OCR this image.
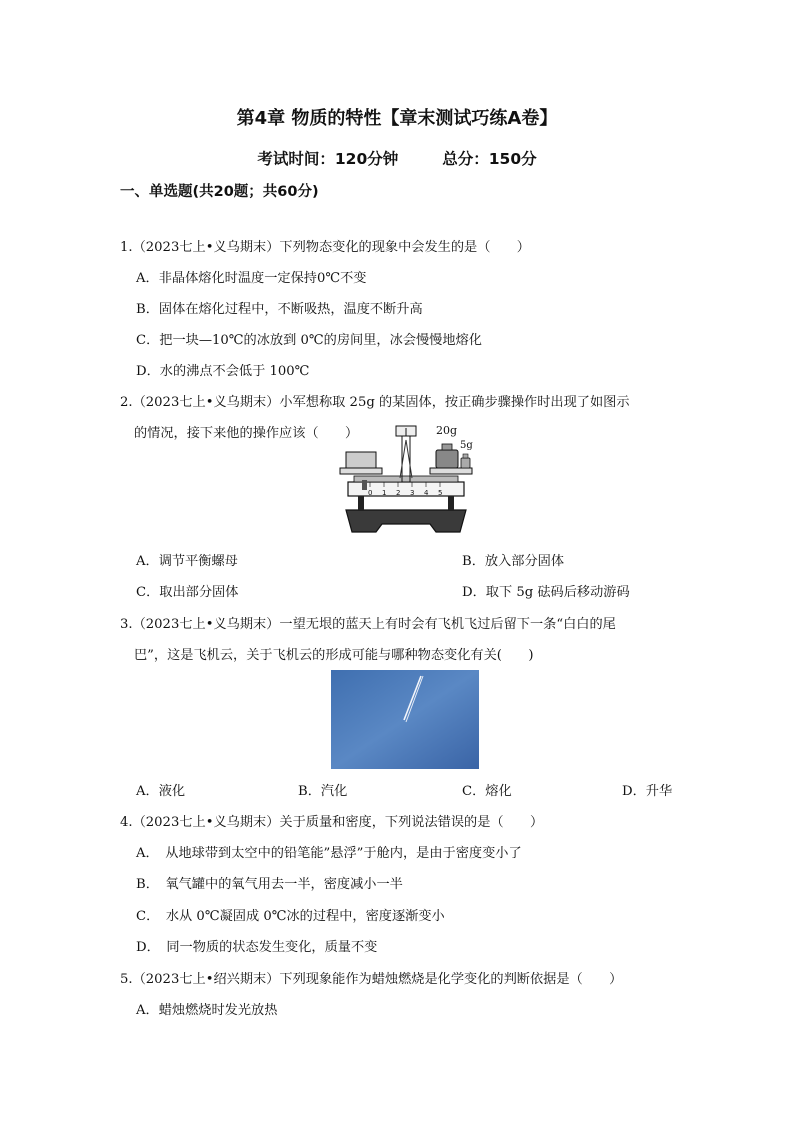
第4章 物质的特性【章末测试巧练A卷】
考试时间：120分钟	总分：150分
一、单选题(共20题；共60分)
1.（2023七上•义乌期末）下列物态变化的现象中会发生的是（　　）
A．非晶体熔化时温度一定保持0℃不变
B．固体在熔化过程中，不断吸热，温度不断升高
C．把一块—10℃的冰放到 0℃的房间里，冰会慢慢地熔化
D．水的沸点不会低于 100℃
2.（2023七上•义乌期末）小军想称取 25g 的某固体，按正确步骤操作时出现了如图示
的情况，接下来他的操作应该（　　）
0 1 2 3 4 5
20g
5g
A．调节平衡螺母	B．放入部分固体
C．取出部分固体	D．取下 5g 砝码后移动游码
3.（2023七上•义乌期末）一望无垠的蓝天上有时会有飞机飞过后留下一条“白白的尾
巴”，这是飞机云，关于飞机云的形成可能与哪种物态变化有关(　　)
A．液化	B．汽化	C．熔化	D．升华
4.（2023七上•义乌期末）关于质量和密度，下列说法错误的是（　　）
A．　从地球带到太空中的铅笔能”悬浮”于舱内，是由于密度变小了
B．　氧气罐中的氧气用去一半，密度减小一半
C．　水从 0℃凝固成 0℃冰的过程中，密度逐渐变小
D．　同一物质的状态发生变化，质量不变
5.（2023七上•绍兴期末）下列现象能作为蜡烛燃烧是化学变化的判断依据是（　　）
A．蜡烛燃烧时发光放热
